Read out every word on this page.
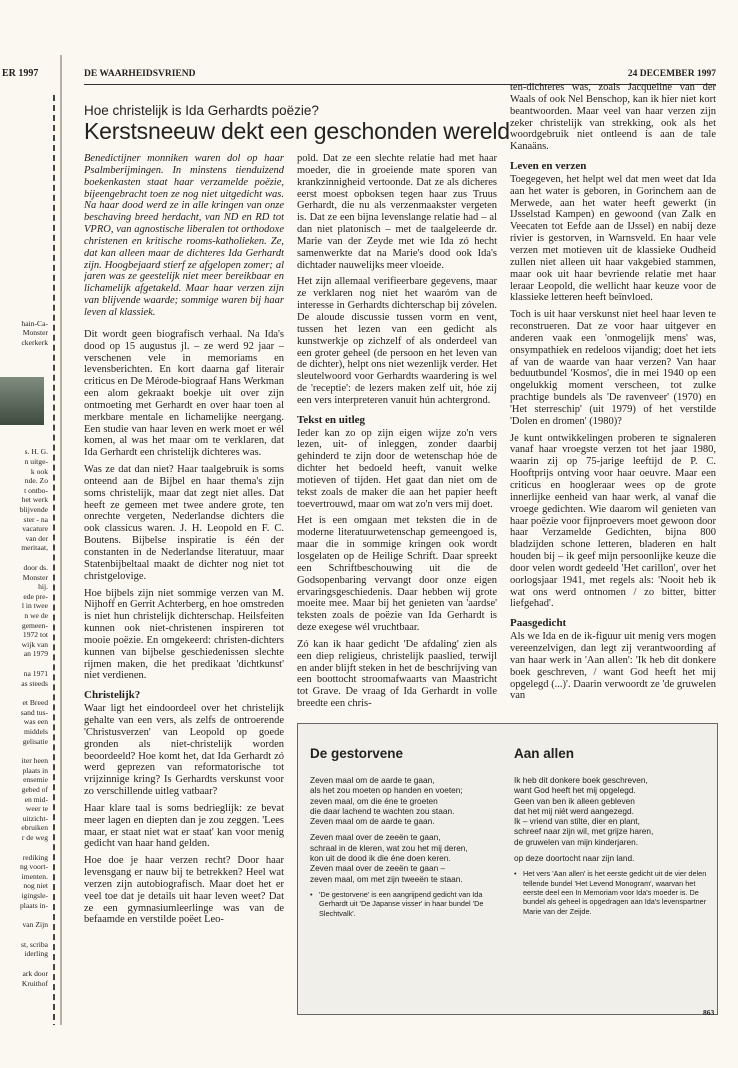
ER 1997
hain-Ca-
Monster
ckerkerk
s. H. G.
n uitge-
k ook
nde. Zo
t ontbo-
het werk
blijvende
ster - na
vacature
van der
meritaat,
door ds.
Monster
hij.
ede pre-
l in twee
n we de
gemeen-
1972 tot
wijk van
an 1979
na 1971
as steeds
et Breed
sand tus-
was een
middels
gelisatie
iter heen
plaats in
ensemie
gebed of
en mid-
weer te
uitzicht-
ebruiken
r de weg
rediking
ng voort-
imenten.
nog niet
igingsle-
plaats in-
van Zijn
st, scriba
iderling
ark door
Kruithof
DE WAARHEIDSVRIEND	24 DECEMBER 1997
Hoe christelijk is Ida Gerhardts poëzie?
Kerstsneeuw dekt een geschonden wereld

Benedictijner monniken waren dol op haar Psalmberijmingen. In minstens tienduizend boekenkasten staat haar verzamelde poëzie, bijeengebracht toen ze nog niet uitgedicht was. Na haar dood werd ze in alle kringen van onze beschaving breed herdacht, van ND en RD tot VPRO, van agnostische liberalen tot orthodoxe christenen en kritische rooms-katholieken. Ze, dat kan alleen maar de dichteres Ida Gerhardt zijn. Hoogbejaard stierf ze afgelopen zomer; al jaren was ze geestelijk niet meer bereikbaar en lichamelijk afgetakeld. Maar haar verzen zijn van blijvende waarde; sommige waren bij haar leven al klassiek.

Dit wordt geen biografisch verhaal. Na Ida's dood op 15 augustus jl. – ze werd 92 jaar – verschenen vele in memoriams en levensberichten. En kort daarna gaf literair criticus en De Mérode-biograaf Hans Werkman een alom gekraakt boekje uit over zijn ontmoeting met Gerhardt en over haar toen al merkbare mentale en lichamelijke neergang. Een studie van haar leven en werk moet er wél komen, al was het maar om te verklaren, dat Ida Gerhardt een christelijk dichteres was.

Was ze dat dan niet? Haar taalgebruik is soms onteend aan de Bijbel en haar thema's zijn soms christelijk, maar dat zegt niet alles. Dat heeft ze gemeen met twee andere grote, ten onrechte vergeten, Nederlandse dichters die ook classicus waren. J. H. Leopold en F. C. Boutens. Bijbelse inspiratie is één der constanten in de Nederlandse literatuur, maar Statenbijbeltaal maakt de dichter nog niet tot christgelovige.

Hoe bijbels zijn niet sommige verzen van M. Nijhoff en Gerrit Achterberg, en hoe omstreden is niet hun christelijk dichterschap. Heilsfeiten kunnen ook niet-christenen inspireren tot mooie poëzie. En omgekeerd: christen-dichters kunnen van bijbelse geschiedenissen slechte rijmen maken, die het predikaat 'dichtkunst' niet verdienen.

Christelijk?

Waar ligt het eindoordeel over het christelijk gehalte van een vers, als zelfs de ontroerende 'Christusverzen' van Leopold op goede gronden als niet-christelijk worden beoordeeld? Hoe komt het, dat Ida Gerhardt zó werd geprezen van reformatorische tot vrijzinnige kring? Is Gerhardts verskunst voor zo verschillende uitleg vatbaar?

Haar klare taal is soms bedrieglijk: ze bevat meer lagen en diepten dan je zou zeggen. 'Lees maar, er staat niet wat er staat' kan voor menig gedicht van haar hand gelden.

Hoe doe je haar verzen recht? Door haar levensgang er nauw bij te betrekken? Heel wat verzen zijn autobiografisch. Maar doet het er veel toe dat je details uit haar leven weet? Dat ze een gymnasiumleerlinge was van de befaamde en verstilde poëet Leo-

pold. Dat ze een slechte relatie had met haar moeder, die in groeiende mate sporen van krankzinnigheid vertoonde. Dat ze als dicheres eerst moest opboksen tegen haar zus Truus Gerhardt, die nu als verzenmaakster vergeten is. Dat ze een bijna levenslange relatie had – al dan niet platonisch – met de taalgeleerde dr. Marie van der Zeyde met wie Ida zó hecht samenwerkte dat na Marie's dood ook Ida's dichtader nauwelijks meer vloeide.

Het zijn allemaal verifieerbare gegevens, maar ze verklaren nog niet het waaróm van de interesse in Gerhardts dichterschap bij zóvelen. De aloude discussie tussen vorm en vent, tussen het lezen van een gedicht als kunstwerkje op zichzelf of als onderdeel van een groter geheel (de persoon en het leven van de dichter), helpt ons niet wezenlijk verder. Het sleutelwoord voor Gerhardts waardering is wel de 'receptie': de lezers maken zelf uit, hóe zij een vers interpreteren vanuit hún achtergrond.

Tekst en uitleg

Ieder kan zo op zijn eigen wijze zo'n vers lezen, uit- of inleggen, zonder daarbij gehinderd te zijn door de wetenschap hóe de dichter het bedoeld heeft, vanuit welke motieven of tijden. Het gaat dan niet om de tekst zoals de maker die aan het papier heeft toevertrouwd, maar om wat zo'n vers mij doet.

Het is een omgaan met teksten die in de moderne literatuurwetenschap gemeengoed is, maar die in sommige kringen ook wordt losgelaten op de Heilige Schrift. Daar spreekt een Schriftbeschouwing uit die de Godsopenbaring vervangt door onze eigen ervaringsgeschiedenis. Daar hebben wij grote moeite mee. Maar bij het genieten van 'aardse' teksten zoals de poëzie van Ida Gerhardt is deze exegese wél vruchtbaar.

Zó kan ik haar gedicht 'De afdaling' zien als een diep religieus, christelijk paaslied, terwijl en ander blijft steken in het de beschrijving van een boottocht stroomafwaarts van Maastricht tot Grave. De vraag of Ida Gerhardt in volle breedte een chris-

ten-dichteres was, zoals Jacqueline van der Waals of ook Nel Benschop, kan ik hier niet kort beantwoorden. Maar veel van haar verzen zijn zeker christelijk van strekking, ook als het woordgebruik niet ontleend is aan de tale Kanaäns.

Leven en verzen

Toegegeven, het helpt wel dat men weet dat Ida aan het water is geboren, in Gorinchem aan de Merwede, aan het water heeft gewerkt (in IJsselstad Kampen) en gewoond (van Zalk en Veecaten tot Eefde aan de IJssel) en nabij deze rivier is gestorven, in Warnsveld. En haar vele verzen met motieven uit de klassieke Oudheid zullen niet alleen uit haar vakgebied stammen, maar ook uit haar bevriende relatie met haar leraar Leopold, die wellicht haar keuze voor de klassieke letteren heeft beïnvloed.

Toch is uit haar verskunst niet heel haar leven te reconstrueren. Dat ze voor haar uitgever en anderen vaak een 'onmogelijk mens' was, onsympathiek en redeloos vijandig; doet het iets af van de waarde van haar verzen? Van haar beduutbundel 'Kosmos', die in mei 1940 op een ongelukkig moment verscheen, tot zulke prachtige bundels als 'De ravenveer' (1970) en 'Het sterreschip' (uit 1979) of het verstilde 'Dolen en dromen' (1980)?

Je kunt ontwikkelingen proberen te signaleren vanaf haar vroegste verzen tot het jaar 1980, waarin zij op 75-jarige leeftijd de P. C. Hooftprijs ontving voor haar oeuvre. Maar een criticus en hoogleraar wees op de grote innerlijke eenheid van haar werk, al vanaf die vroege gedichten. Wie daarom wil genieten van haar poëzie voor fijnproevers moet gewoon door haar Verzamelde Gedichten, bijna 800 bladzijden schone letteren, bladeren en halt houden bij – ik geef mijn persoonlijke keuze die door velen wordt gedeeld 'Het carillon', over het oorlogsjaar 1941, met regels als: 'Nooit heb ik wat ons werd ontnomen / zo bitter, bitter liefgehad'.

Paasgedicht

Als we Ida en de ik-figuur uit menig vers mogen vereenzelvigen, dan legt zij verantwoording af van haar werk in 'Aan allen': 'Ik heb dit donkere boek geschreven, / want God heeft het mij opgelegd (...)'. Daarin verwoordt ze 'de gruwelen van

De gestorvene
Zeven maal om de aarde te gaan,
als het zou moeten op handen en voeten;
zeven maal, om die éne te groeten
die daar lachend te wachten zou staan.
Zeven maal om de aarde te gaan.
Zeven maal over de zeeën te gaan,
schraal in de kleren, wat zou het mij deren,
kon uit de dood ik die éne doen keren.
Zeven maal over de zeeën te gaan –
zeven maal, om met zijn tweeën te staan.
• 'De gestorvene' is een aangrijpend gedicht van Ida Gerhardt uit 'De Japanse visser' in haar bundel 'De Slechtvalk'.
Aan allen
Ik heb dit donkere boek geschreven,
want God heeft het mij opgelegd.
Geen van ben ik alleen gebleven
dat het mij niét werd aangezegd.
Ik – vriend van stilte, dier en plant,
schreef naar zijn wil, met grijze haren,
de gruwelen van mijn kinderjaren.
op deze doortocht naar zijn land.
• Het vers 'Aan allen' is het eerste gedicht uit de vier delen tellende bundel 'Het Levend Monogram', waarvan het eerste deel een In Memoriam voor Ida's moeder is. De bundel als geheel is opgedragen aan Ida's levenspartner Marie van der Zeijde.
863
